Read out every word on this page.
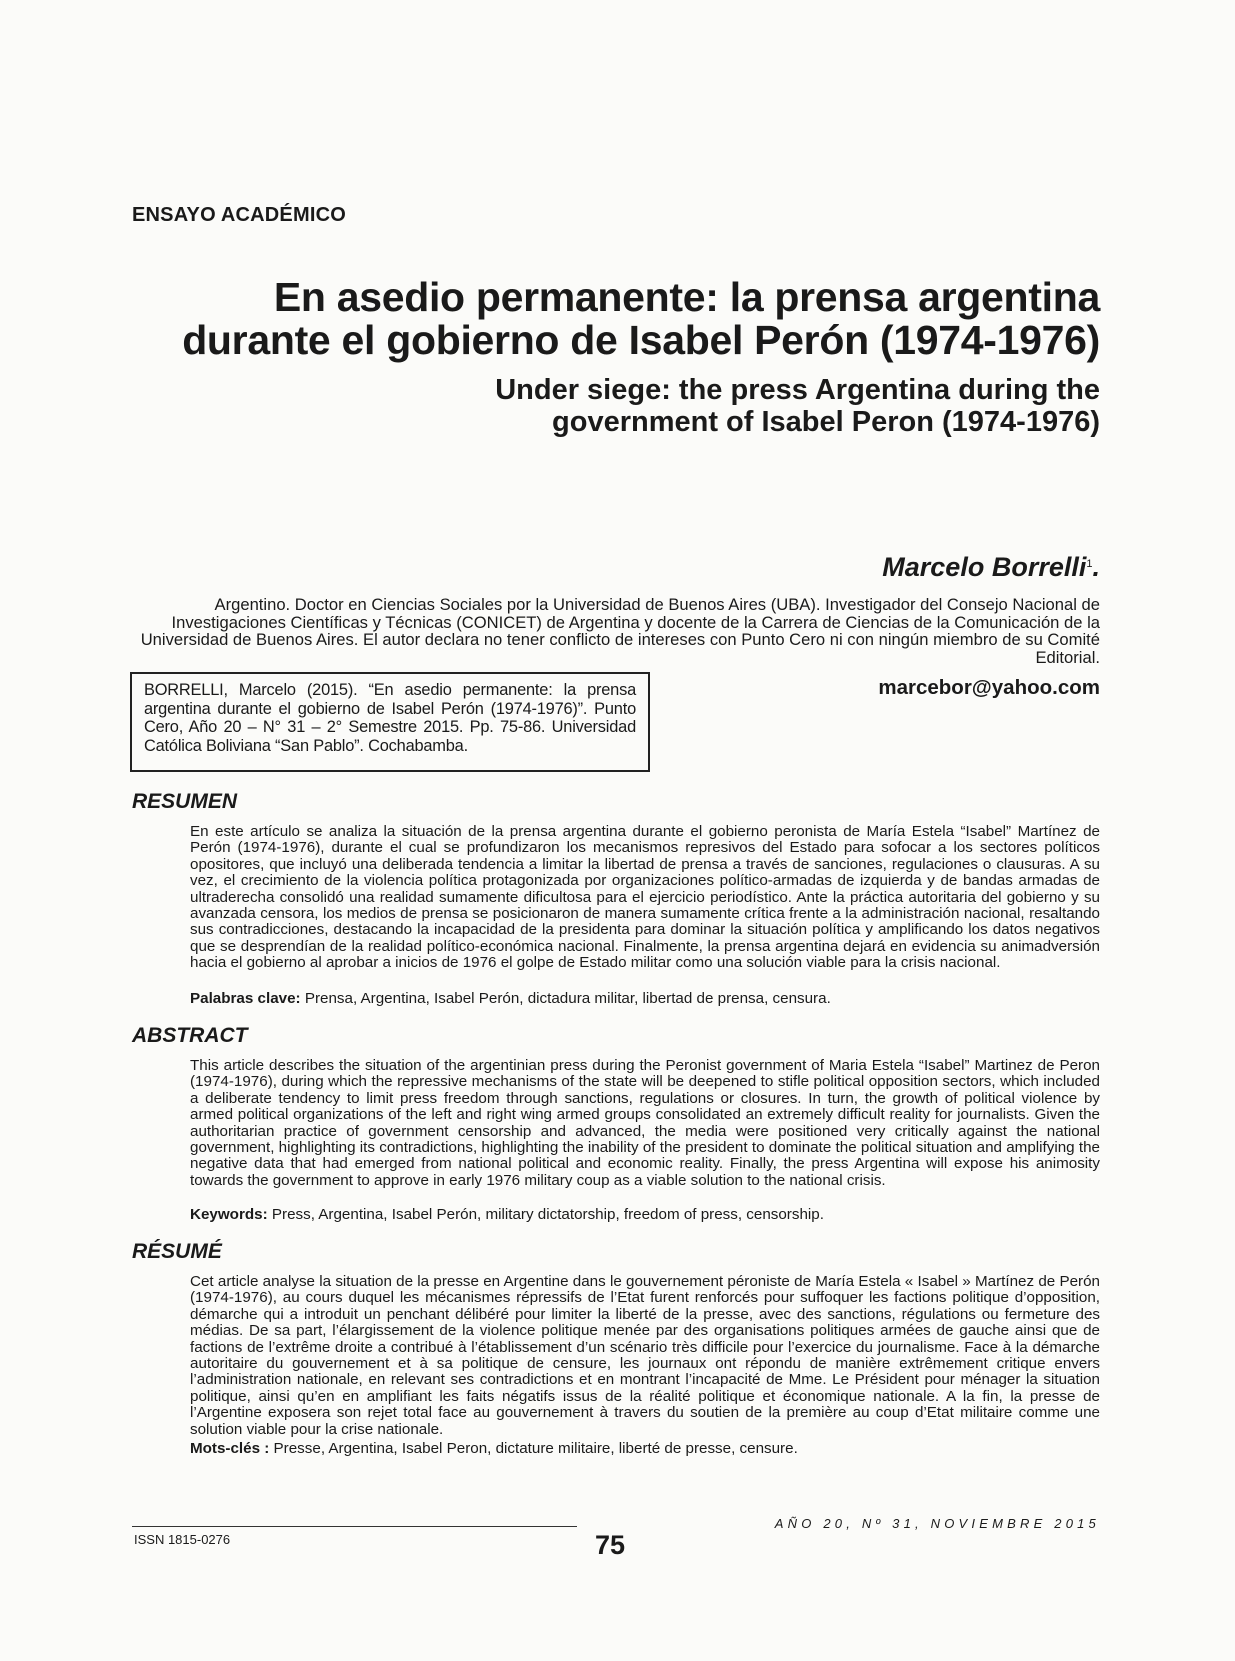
ENSAYO ACADÉMICO
En asedio permanente: la prensa argentina durante el gobierno de Isabel Perón (1974-1976)
Under siege: the press Argentina during the government of Isabel Peron (1974-1976)
Marcelo Borrelli$^1$.
Argentino. Doctor en Ciencias Sociales por la Universidad de Buenos Aires (UBA). Investigador del Consejo Nacional de Investigaciones Científicas y Técnicas (CONICET) de Argentina y docente de la Carrera de Ciencias de la Comunicación de la Universidad de Buenos Aires. El autor declara no tener conflicto de intereses con Punto Cero ni con ningún miembro de su Comité Editorial.
marcebor@yahoo.com
BORRELLI, Marcelo (2015). “En asedio permanente: la prensa argentina durante el gobierno de Isabel Perón (1974-1976)”. Punto Cero, Año 20 – N° 31 – 2° Semestre 2015. Pp. 75-86. Universidad Católica Boliviana “San Pablo”. Cochabamba.
RESUMEN

En este artículo se analiza la situación de la prensa argentina durante el gobierno peronista de María Estela “Isabel” Martínez de Perón (1974-1976), durante el cual se profundizaron los mecanismos represivos del Estado para sofocar a los sectores políticos opositores, que incluyó una deliberada tendencia a limitar la libertad de prensa a través de sanciones, regulaciones o clausuras. A su vez, el crecimiento de la violencia política protagonizada por organizaciones político-armadas de izquierda y de bandas armadas de ultraderecha consolidó una realidad sumamente dificultosa para el ejercicio periodístico. Ante la práctica autoritaria del gobierno y su avanzada censora, los medios de prensa se posicionaron de manera sumamente crítica frente a la administración nacional, resaltando sus contradicciones, destacando la incapacidad de la presidenta para dominar la situación política y amplificando los datos negativos que se desprendían de la realidad político-económica nacional. Finalmente, la prensa argentina dejará en evidencia su animadversión hacia el gobierno al aprobar a inicios de 1976 el golpe de Estado militar como una solución viable para la crisis nacional.

Palabras clave: Prensa, Argentina, Isabel Perón, dictadura militar, libertad de prensa, censura.
ABSTRACT

This article describes the situation of the argentinian press during the Peronist government of Maria Estela “Isabel” Martinez de Peron (1974-1976), during which the repressive mechanisms of the state will be deepened to stifle political opposition sectors, which included a deliberate tendency to limit press freedom through sanctions, regulations or closures. In turn, the growth of political violence by armed political organizations of the left and right wing armed groups consolidated an extremely difficult reality for journalists. Given the authoritarian practice of government censorship and advanced, the media were positioned very critically against the national government, highlighting its contradictions, highlighting the inability of the president to dominate the political situation and amplifying the negative data that had emerged from national political and economic reality. Finally, the press Argentina will expose his animosity towards the government to approve in early 1976 military coup as a viable solution to the national crisis.

Keywords: Press, Argentina, Isabel Perón, military dictatorship, freedom of press, censorship.
RÉSUMÉ

Cet article analyse la situation de la presse en Argentine dans le gouvernement péroniste de María Estela « Isabel » Martínez de Perón (1974-1976), au cours duquel les mécanismes répressifs de l’Etat furent renforcés pour suffoquer les factions politique d’opposition, démarche qui a introduit un penchant délibéré pour limiter la liberté de la presse, avec des sanctions, régulations ou fermeture des médias. De sa part, l’élargissement de la violence politique menée par des organisations politiques armées de gauche ainsi que de factions de l’extrême droite a contribué à l’établissement d’un scénario très difficile pour l’exercice du journalisme. Face à la démarche autoritaire du gouvernement et à sa politique de censure, les journaux ont répondu de manière extrêmement critique envers l’administration nationale, en relevant ses contradictions et en montrant l’incapacité de Mme. Le Président pour ménager la situation politique, ainsi qu’en en amplifiant les faits négatifs issus de la réalité politique et économique nationale. A la fin, la presse de l’Argentine exposera son rejet total face au gouvernement à travers du soutien de la première au coup d’Etat militaire comme une solution viable pour la crise nationale.

Mots-clés : Presse, Argentina, Isabel Peron, dictature militaire, liberté de presse, censure.
ISSN 1815-0276	75
AÑO 20, Nº 31, NOVIEMBRE 2015
